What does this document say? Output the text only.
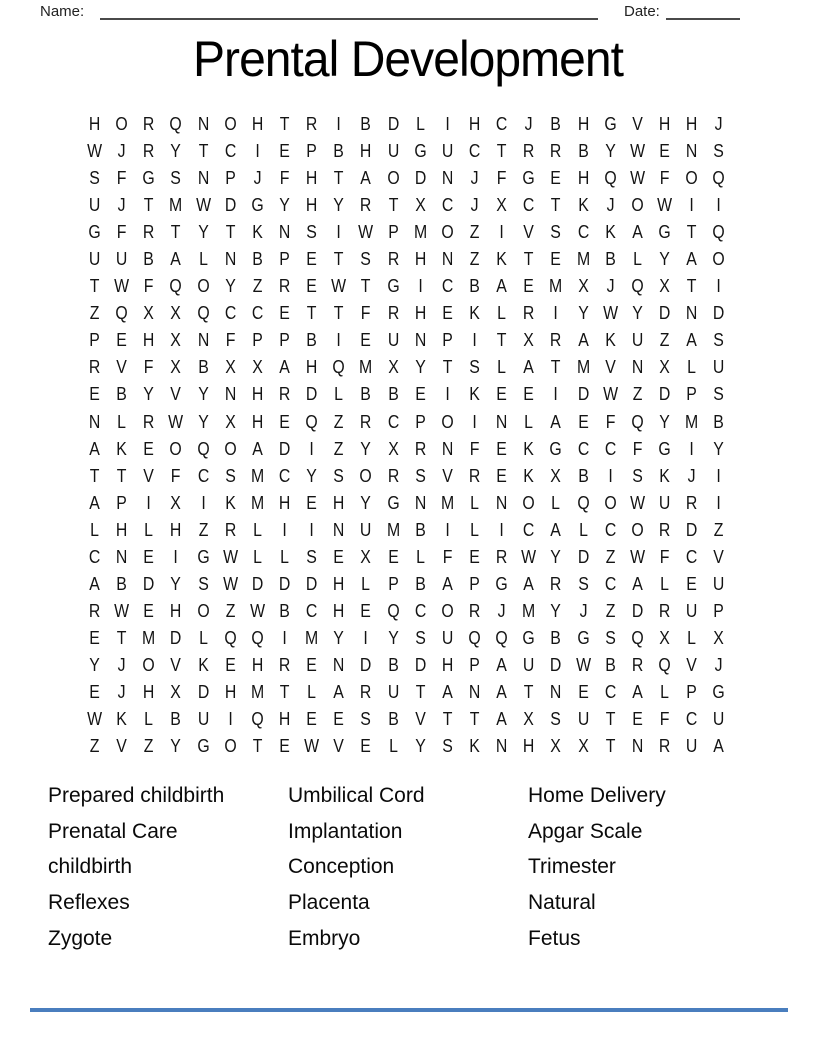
Name:	Date:
Prental Development
H O R Q N O H T R	I	B D L	I	H C J B H G V H H J
W J R Y T C	I	E P B H U G U C T R R B Y W E N S
S F G S N P J	F H T A O D N J	F G E H Q W F O Q
U J	T M W D G Y H Y R T X C J X C T K J O W I	I
G F R T Y T K N S	I W P M O Z	I	V S C K A G T Q
U U B A L N B P E T S R H N Z K T E M B L Y A O
T W F Q O Y Z R E W T G	I	C B A E M X J Q X T	I
Z Q X X Q C C E T T F R H E K L R	I	Y W Y D N D
P E H X N F P P B	I	E U N P	I	T X R A K U Z A S
R V F X B X X A H Q M X Y T S L A T M V N X L U
E B Y V Y N H R D L B B E	I	K E E	I	D W Z D P S
N L R W Y X H E Q Z R C P O	I	N L A E F Q Y M B
A K E O Q O A D	I	Z Y X R N F E K G C C F G	I	Y
T T V F C S M C Y S O R S V R E K X B	I	S K J	I
A P	I	X	I	K M H E H Y G N M L N O L Q O W U R	I
L H L H Z R L	I	I	N U M B	I	L	I	C A L C O R D Z
C N E	I	G W L	L S E X E L F E R W Y D Z W F C V
A B D Y S W D D D H L P B A P G A R S C A L E U
R W E H O Z W B C H E Q C O R J M Y J	Z D R U P
E T M D L Q Q	I	M Y	I	Y S U Q Q G B G S Q X L X
Y J O V K E H R E N D B D H P A U D W B R Q V J
E J H X D H M T L A R U T A N A T N E C A L P G
W K L B U	I	Q H E E S B V T T A X S U T E F C U
Z V Z Y G O T E W V E L Y S K N H X X T N R U A
Prepared childbirth
Prenatal Care
childbirth
Reflexes
Zygote
Umbilical Cord
Implantation
Conception
Placenta
Embryo
Home Delivery
Apgar Scale
Trimester
Natural
Fetus
